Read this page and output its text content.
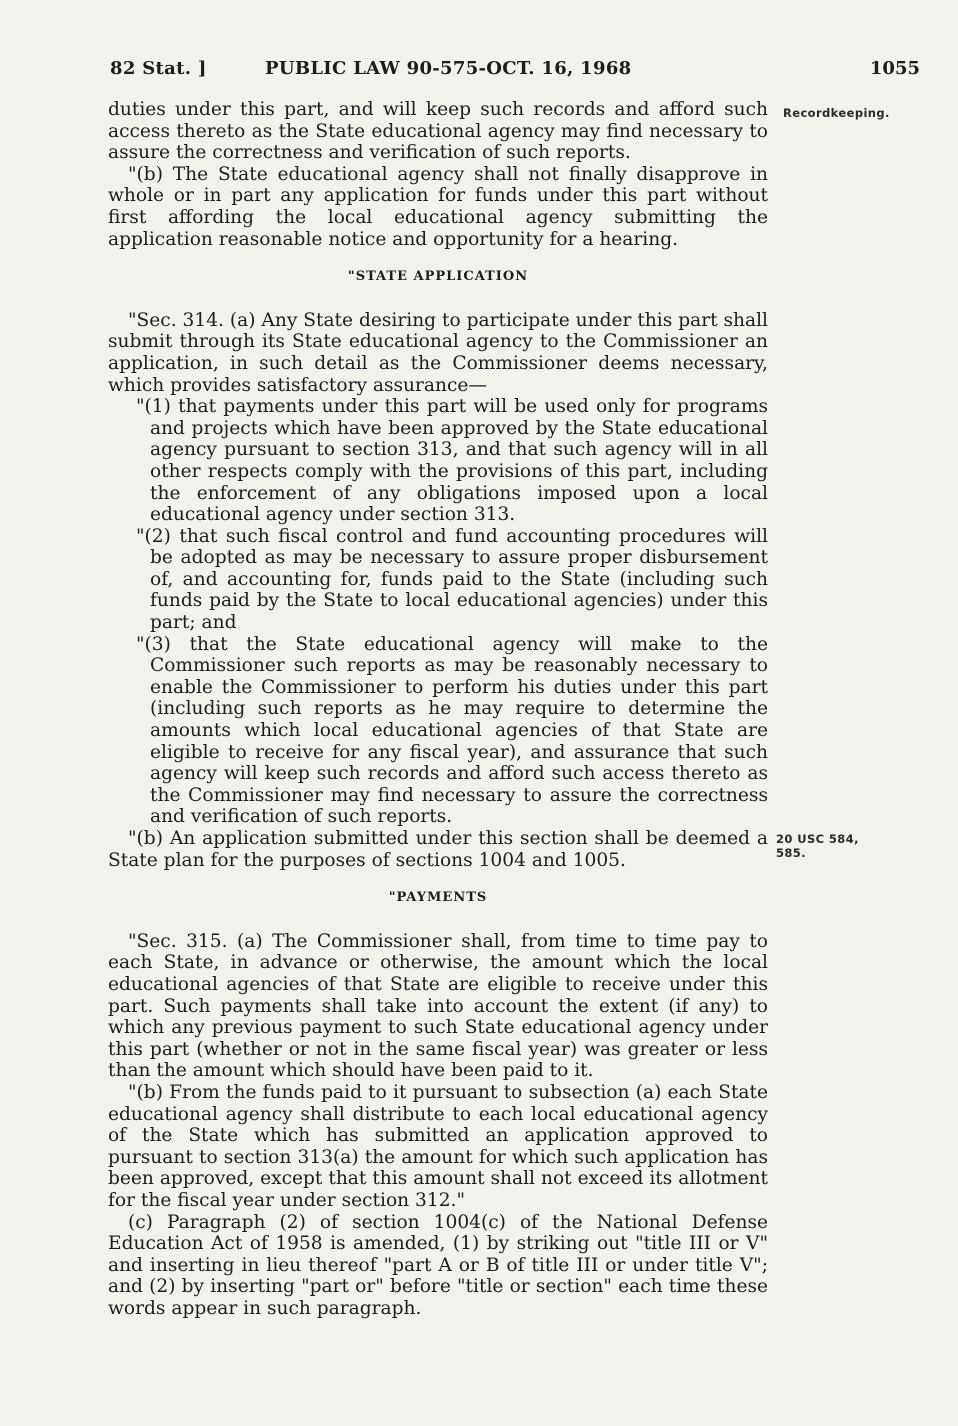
82 Stat. ]	PUBLIC LAW 90-575-OCT. 16, 1968	1055
Recordkeeping.
20 USC 584,
585.

duties under this part, and will keep such records and afford such access thereto as the State educational agency may find necessary to assure the correctness and verification of such reports.

"(b) The State educational agency shall not finally disapprove in whole or in part any application for funds under this part without first affording the local educational agency submitting the application reasonable notice and opportunity for a hearing.

"STATE APPLICATION

"Sec. 314. (a) Any State desiring to participate under this part shall submit through its State educational agency to the Commissioner an application, in such detail as the Commissioner deems necessary, which provides satisfactory assurance—

"(1) that payments under this part will be used only for programs and projects which have been approved by the State educational agency pursuant to section 313, and that such agency will in all other respects comply with the provisions of this part, including the enforcement of any obligations imposed upon a local educational agency under section 313.

"(2) that such fiscal control and fund accounting procedures will be adopted as may be necessary to assure proper disbursement of, and accounting for, funds paid to the State (including such funds paid by the State to local educational agencies) under this part; and

"(3) that the State educational agency will make to the Commissioner such reports as may be reasonably necessary to enable the Commissioner to perform his duties under this part (including such reports as he may require to determine the amounts which local educational agencies of that State are eligible to receive for any fiscal year), and assurance that such agency will keep such records and afford such access thereto as the Commissioner may find necessary to assure the correctness and verification of such reports.

"(b) An application submitted under this section shall be deemed a State plan for the purposes of sections 1004 and 1005.

"PAYMENTS

"Sec. 315. (a) The Commissioner shall, from time to time pay to each State, in advance or otherwise, the amount which the local educational agencies of that State are eligible to receive under this part. Such payments shall take into account the extent (if any) to which any previous payment to such State educational agency under this part (whether or not in the same fiscal year) was greater or less than the amount which should have been paid to it.

"(b) From the funds paid to it pursuant to subsection (a) each State educational agency shall distribute to each local educational agency of the State which has submitted an application approved to pursuant to section 313(a) the amount for which such application has been approved, except that this amount shall not exceed its allotment for the fiscal year under section 312."

(c) Paragraph (2) of section 1004(c) of the National Defense Education Act of 1958 is amended, (1) by striking out "title III or V" and inserting in lieu thereof "part A or B of title III or under title V"; and (2) by inserting "part or" before "title or section" each time these words appear in such paragraph.
